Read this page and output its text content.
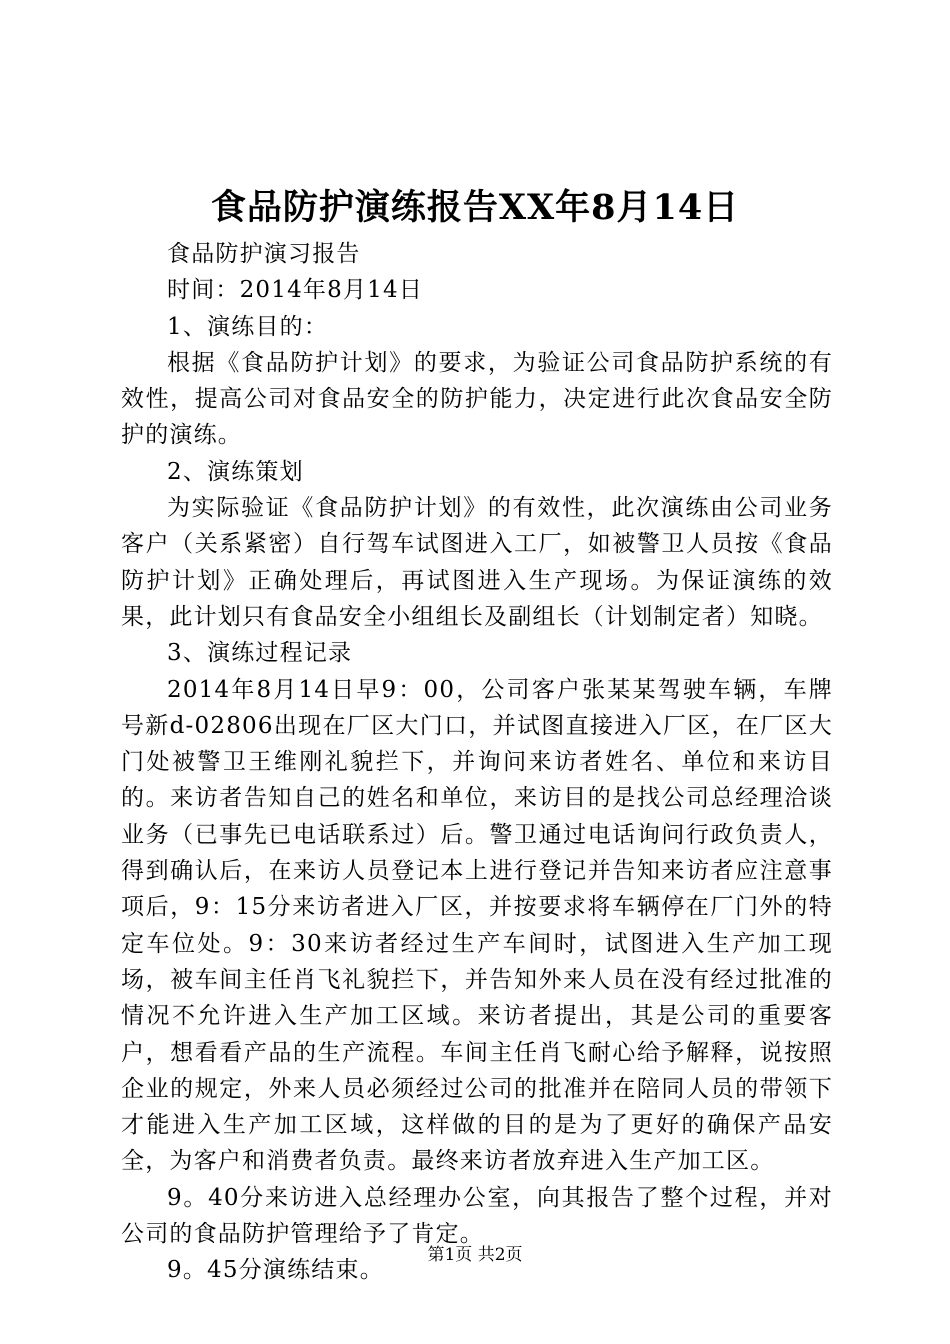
食品防护演练报告XX年8月14日

食品防护演习报告

时间：2014年8月14日

1、演练目的：

根据《食品防护计划》的要求，为验证公司食品防护系统的有效性，提高公司对食品安全的防护能力，决定进行此次食品安全防护的演练。

2、演练策划

为实际验证《食品防护计划》的有效性，此次演练由公司业务客户（关系紧密）自行驾车试图进入工厂，如被警卫人员按《食品防护计划》正确处理后，再试图进入生产现场。为保证演练的效果，此计划只有食品安全小组组长及副组长（计划制定者）知晓。

3、演练过程记录

2014年8月14日早9：00，公司客户张某某驾驶车辆，车牌号新d-02806出现在厂区大门口，并试图直接进入厂区，在厂区大门处被警卫王维刚礼貌拦下，并询问来访者姓名、单位和来访目的。来访者告知自己的姓名和单位，来访目的是找公司总经理洽谈业务（已事先已电话联系过）后。警卫通过电话询问行政负责人，得到确认后，在来访人员登记本上进行登记并告知来访者应注意事项后，9：15分来访者进入厂区，并按要求将车辆停在厂门外的特定车位处。9：30来访者经过生产车间时，试图进入生产加工现场，被车间主任肖飞礼貌拦下，并告知外来人员在没有经过批准的情况不允许进入生产加工区域。来访者提出，其是公司的重要客户，想看看产品的生产流程。车间主任肖飞耐心给予解释，说按照企业的规定，外来人员必须经过公司的批准并在陪同人员的带领下才能进入生产加工区域，这样做的目的是为了更好的确保产品安全，为客户和消费者负责。最终来访者放弃进入生产加工区。

9。40分来访进入总经理办公室，向其报告了整个过程，并对公司的食品防护管理给予了肯定。

9。45分演练结束。

第1页 共2页
